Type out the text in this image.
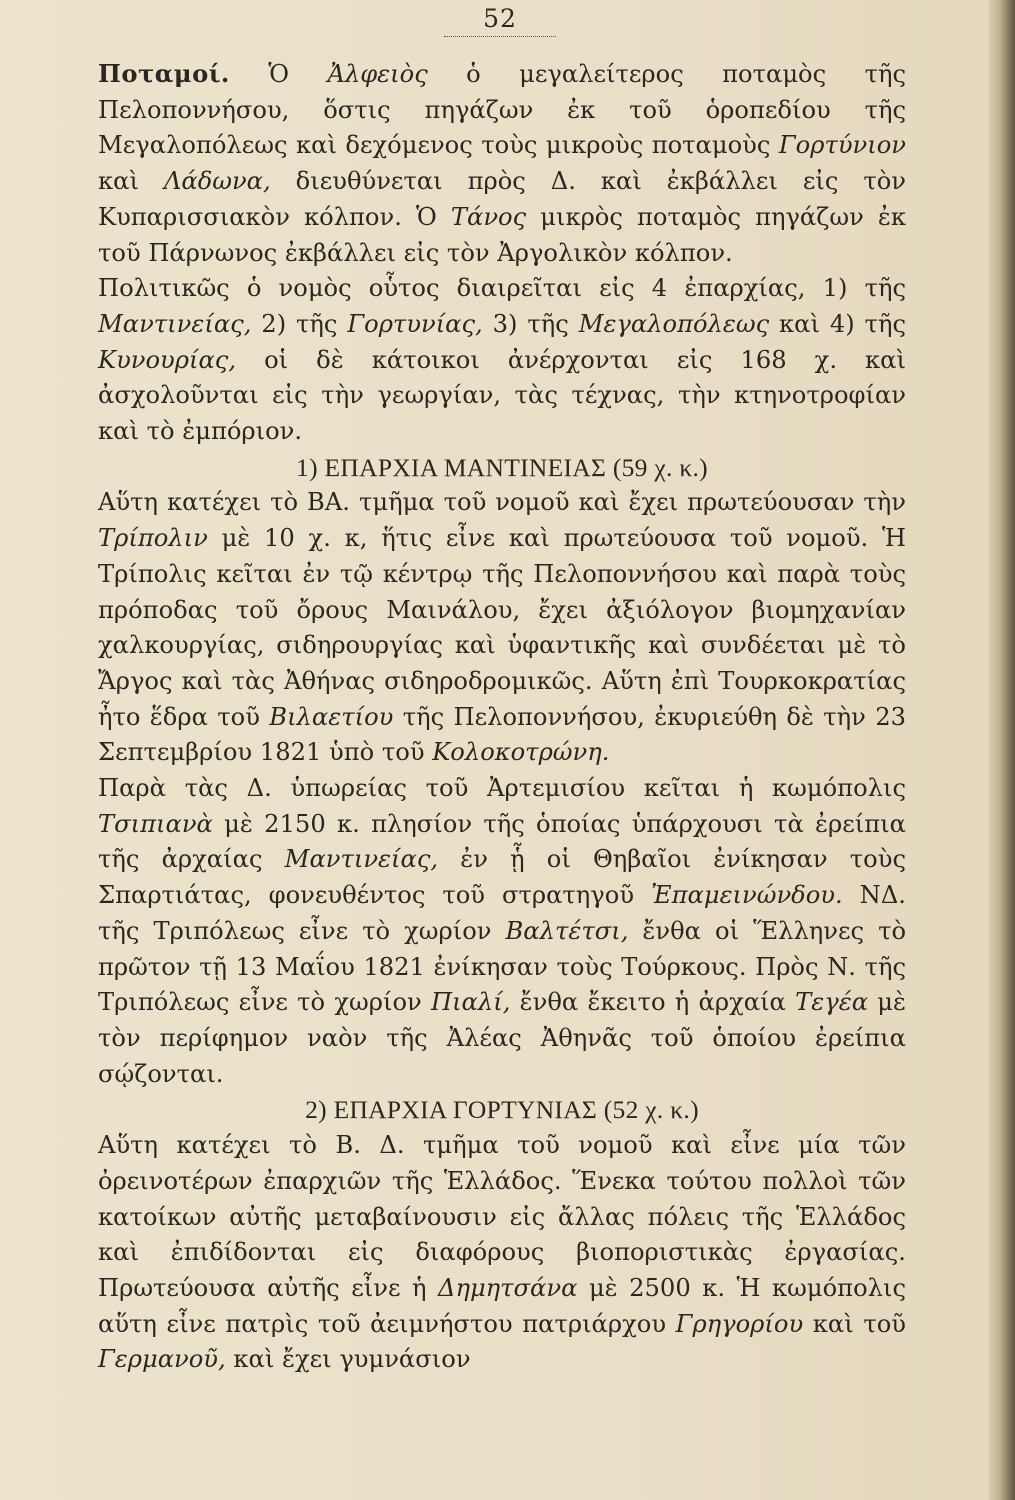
52

Ποταμοί. Ὁ Ἀλφειὸς ὁ μεγαλείτερος ποταμὸς τῆς Πελοποννήσου, ὅστις πηγάζων ἐκ τοῦ ὁροπεδίου τῆς Μεγαλοπόλεως καὶ δεχόμενος τοὺς μικροὺς ποταμοὺς Γορτύνιον καὶ Λάδωνα, διευθύνεται πρὸς Δ. καὶ ἐκβάλλει εἰς τὸν Κυπαρισσιακὸν κόλπον. Ὁ Τάνος μικρὸς ποταμὸς πηγάζων ἐκ τοῦ Πάρνωνος ἐκβάλλει εἰς τὸν Ἀργολικὸν κόλπον.

Πολιτικῶς ὁ νομὸς οὗτος διαιρεῖται εἰς 4 ἐπαρχίας, 1) τῆς Μαντινείας, 2) τῆς Γορτυνίας, 3) τῆς Μεγαλοπόλεως καὶ 4) τῆς Κυνουρίας, οἱ δὲ κάτοικοι ἀνέρχονται εἰς 168 χ. καὶ ἀσχολοῦνται εἰς τὴν γεωργίαν, τὰς τέχνας, τὴν κτηνοτροφίαν καὶ τὸ ἐμπόριον.

1) ΕΠΑΡΧΙΑ ΜΑΝΤΙΝΕΙΑΣ (59 χ. κ.)

Αὕτη κατέχει τὸ ΒΑ. τμῆμα τοῦ νομοῦ καὶ ἔχει πρωτεύουσαν τὴν Τρίπολιν μὲ 10 χ. κ, ἥτις εἶνε καὶ πρωτεύουσα τοῦ νομοῦ. Ἡ Τρίπολις κεῖται ἐν τῷ κέντρῳ τῆς Πελοποννήσου καὶ παρὰ τοὺς πρόποδας τοῦ ὄρους Μαινάλου, ἔχει ἀξιόλογον βιομηχανίαν χαλκουργίας, σιδηρουργίας καὶ ὑφαντικῆς καὶ συνδέεται μὲ τὸ Ἄργος καὶ τὰς Ἀθήνας σιδηροδρομικῶς. Αὕτη ἐπὶ Τουρκοκρατίας ἦτο ἕδρα τοῦ Βιλαετίου τῆς Πελοποννήσου, ἐκυριεύθη δὲ τὴν 23 Σεπτεμβρίου 1821 ὑπὸ τοῦ Κολοκοτρώνη.

Παρὰ τὰς Δ. ὑπωρείας τοῦ Ἀρτεμισίου κεῖται ἡ κωμόπολις Τσιπιανὰ μὲ 2150 κ. πλησίον τῆς ὁποίας ὑπάρχουσι τὰ ἐρείπια τῆς ἀρχαίας Μαντινείας, ἐν ᾗ οἱ Θηβαῖοι ἐνίκησαν τοὺς Σπαρτιάτας, φονευθέντος τοῦ στρατηγοῦ Ἐπαμεινώνδου. ΝΔ. τῆς Τριπόλεως εἶνε τὸ χωρίον Βαλτέτσι, ἔνθα οἱ Ἕλληνες τὸ πρῶτον τῇ 13 Μαΐου 1821 ἐνίκησαν τοὺς Τούρκους. Πρὸς Ν. τῆς Τριπόλεως εἶνε τὸ χωρίον Πιαλί, ἔνθα ἔκειτο ἡ ἀρχαία Τεγέα μὲ τὸν περίφημον ναὸν τῆς Ἀλέας Ἀθηνᾶς τοῦ ὁποίου ἐρείπια σῴζονται.

2) ΕΠΑΡΧΙΑ ΓΟΡΤΥΝΙΑΣ (52 χ. κ.)

Αὕτη κατέχει τὸ Β. Δ. τμῆμα τοῦ νομοῦ καὶ εἶνε μία τῶν ὀρεινοτέρων ἐπαρχιῶν τῆς Ἑλλάδος. Ἕνεκα τούτου πολλοὶ τῶν κατοίκων αὐτῆς μεταβαίνουσιν εἰς ἄλλας πόλεις τῆς Ἑλλάδος καὶ ἐπιδίδονται εἰς διαφόρους βιοποριστικὰς ἐργασίας. Πρωτεύουσα αὐτῆς εἶνε ἡ Δημητσάνα μὲ 2500 κ. Ἡ κωμόπολις αὕτη εἶνε πατρὶς τοῦ ἀειμνήστου πατριάρχου Γρηγορίου καὶ τοῦ Γερμανοῦ, καὶ ἔχει γυμνάσιον
